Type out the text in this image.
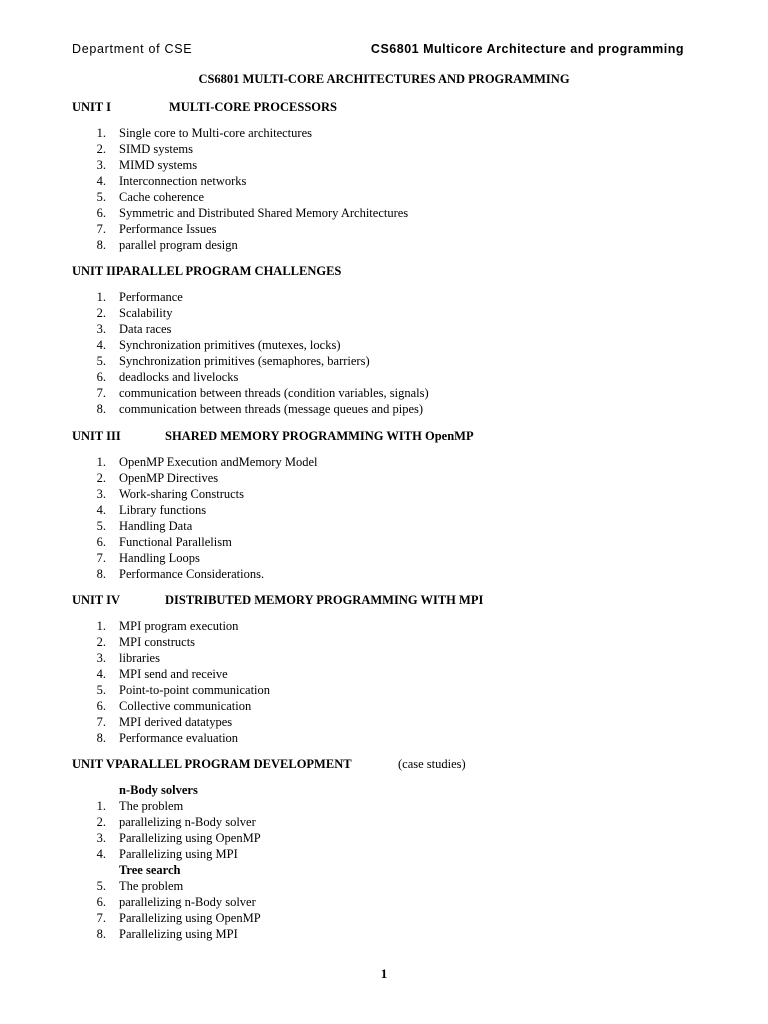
Department of CSE	CS6801 Multicore Architecture and programming
CS6801 MULTI-CORE ARCHITECTURES AND PROGRAMMING
UNIT I	MULTI-CORE PROCESSORS
1. Single core to Multi-core architectures
2. SIMD systems
3. MIMD systems
4. Interconnection networks
5. Cache coherence
6. Symmetric and Distributed Shared Memory Architectures
7. Performance Issues
8. parallel program design
UNIT IIPARALLEL PROGRAM CHALLENGES
1. Performance
2. Scalability
3. Data races
4. Synchronization primitives (mutexes, locks)
5. Synchronization primitives (semaphores, barriers)
6. deadlocks and livelocks
7. communication between threads (condition variables, signals)
8. communication between threads (message queues and pipes)
UNIT III	SHARED MEMORY PROGRAMMING WITH OpenMP
1. OpenMP Execution andMemory Model
2. OpenMP Directives
3. Work-sharing Constructs
4. Library functions
5. Handling Data
6. Functional Parallelism
7. Handling Loops
8. Performance Considerations.
UNIT IV	DISTRIBUTED MEMORY PROGRAMMING WITH MPI
1. MPI program execution
2. MPI constructs
3. libraries
4. MPI send and receive
5. Point-to-point communication
6. Collective communication
7. MPI derived datatypes
8. Performance evaluation
UNIT VPARALLEL PROGRAM DEVELOPMENT	(case studies)
n-Body solvers
1. The problem
2. parallelizing n-Body solver
3. Parallelizing using OpenMP
4. Parallelizing using MPI
Tree search
5. The problem
6. parallelizing n-Body solver
7. Parallelizing using OpenMP
8. Parallelizing using MPI
1
